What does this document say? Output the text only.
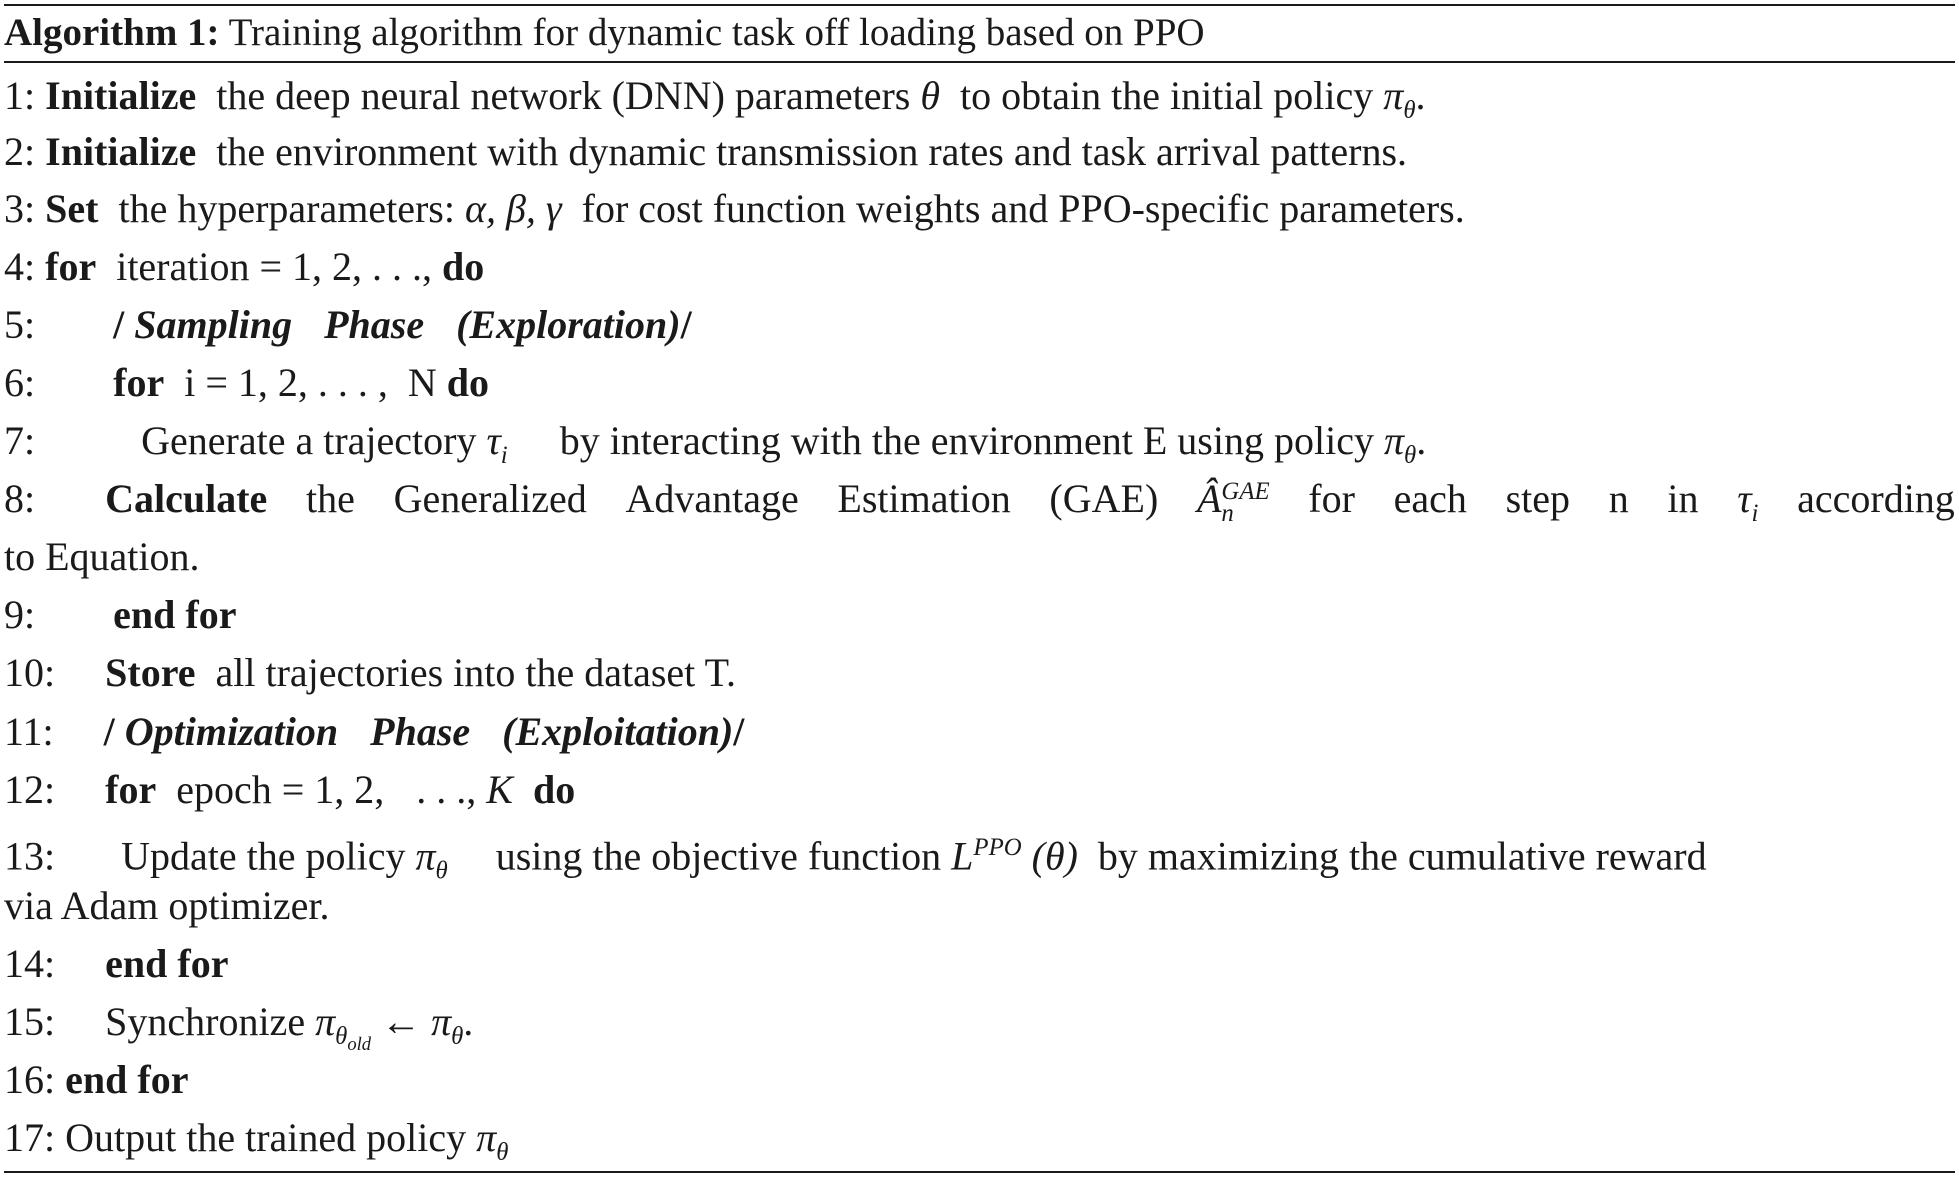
Algorithm 1: Training algorithm for dynamic task off loading based on PPO
1: Initialize the deep neural network (DNN) parameters θ to obtain the initial policy $\pi_\theta$.
2: Initialize the environment with dynamic transmission rates and task arrival patterns.
3: Set the hyperparameters: α, β, γ for cost function weights and PPO-specific parameters.
4: for iteration = 1, 2, . . ., do
5: / Sampling Phase (Exploration)/
6: for i = 1, 2, . . . , N do
7:	Generate a trajectory $\tau_i$ by interacting with the environment E using policy $\pi_\theta$.
8: Calculate the Generalized Advantage Estimation (GAE) Â GAE
n	for each step n in $\tau_i$ according
to Equation.
9: end for
10: Store all trajectories into the dataset T.
11: / Optimization Phase (Exploitation)/
12: for epoch = 1, 2, . . ., K do
13: Update the policy $\pi_\theta$ using the objective function $L^{PPO}$ (θ) by maximizing the cumulative reward
via Adam optimizer.
14: end for
15: Synchronize $\pi_{\theta_{old}}$ ← $\pi_\theta$.
16: end for
17: Output the trained policy $\pi_\theta$
